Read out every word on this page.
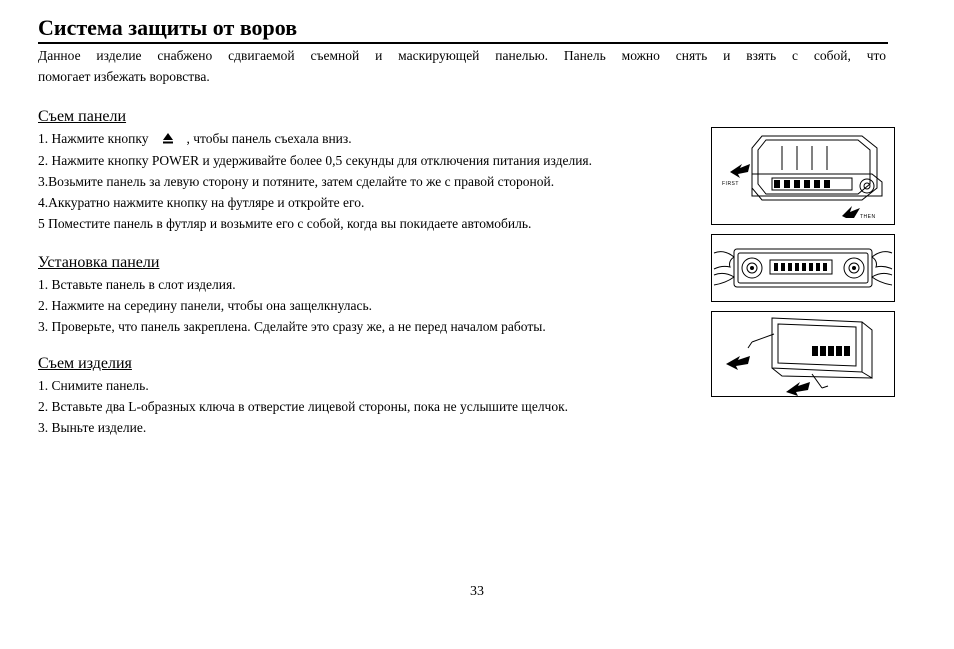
Система защиты от воров

Данное изделие снабжено сдвигаемой съемной и маскирующей панелью. Панель можно снять и взять с собой, что
помогает избежать воровства.

Съем панели

1. Нажмите кнопку	, чтобы панель съехала вниз.
2. Нажмите кнопку POWER и удерживайте более 0,5 секунды для отключения питания изделия.
3.Возьмите панель за левую сторону и потяните, затем сделайте то же с правой стороной.
4.Аккуратно нажмите кнопку на футляре и откройте его.
5 Поместите панель в футляр и возьмите его с собой, когда вы покидаете автомобиль.

Установка панели

1. Вставьте панель в слот изделия.
2. Нажмите на середину панели, чтобы она защелкнулась.
3. Проверьте, что панель закреплена. Сделайте это сразу же, а не перед началом работы.

Съем изделия

1. Снимите панель.
2. Вставьте два L-образных ключа в отверстие лицевой стороны, пока не услышите щелчок.
3. Выньте изделие.
FIRST
THEN
33
